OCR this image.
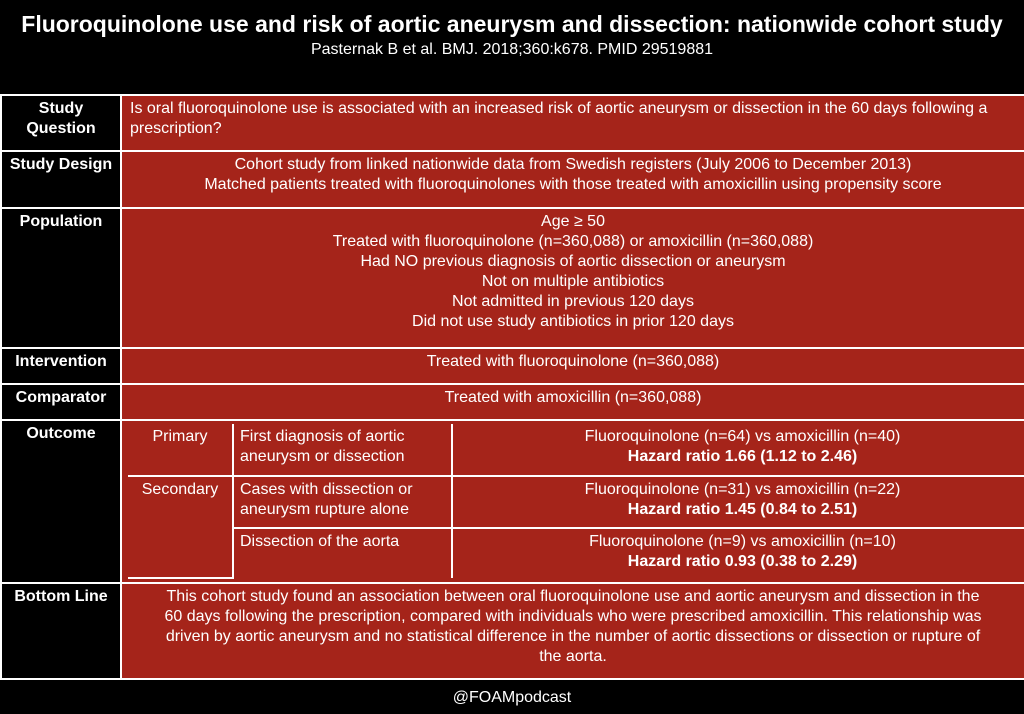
Fluoroquinolone use and risk of aortic aneurysm and dissection: nationwide cohort study
Pasternak B et al. BMJ. 2018;360:k678. PMID 29519881
Study Question	Is oral fluoroquinolone use is associated with an increased risk of aortic aneurysm or dissection in the 60 days following a prescription?
Study Design	Cohort study from linked nationwide data from Swedish registers (July 2006 to December 2013)
Matched patients treated with fluoroquinolones with those treated with amoxicillin using propensity score

Population	Age ≥ 50
Treated with fluoroquinolone (n=360,088) or amoxicillin (n=360,088)
Had NO previous diagnosis of aortic dissection or aneurysm
Not on multiple antibiotics
Not admitted in previous 120 days
Did not use study antibiotics in prior 120 days

Intervention	Treated with fluoroquinolone (n=360,088)
Comparator	Treated with amoxicillin (n=360,088)
Outcome		Primary	First diagnosis of aortic aneurysm or dissection	
Fluoroquinolone (n=64) vs amoxicillin (n=40)
Hazard ratio 1.66 (1.12 to 2.46)

Secondary	Cases with dissection or aneurysm rupture alone	
Fluoroquinolone (n=31) vs amoxicillin (n=22)
Hazard ratio 1.45 (0.84 to 2.51)

Dissection of the aorta	Fluoroquinolone (n=9) vs amoxicillin (n=10)
Hazard ratio 0.93 (0.38 to 2.29)

Bottom Line	This cohort study found an association between oral fluoroquinolone use and aortic aneurysm and dissection in the 60 days following the prescription, compared with individuals who were prescribed amoxicillin. This relationship was driven by aortic aneurysm and no statistical difference in the number of aortic dissections or dissection or rupture of the aorta.
@FOAMpodcast
